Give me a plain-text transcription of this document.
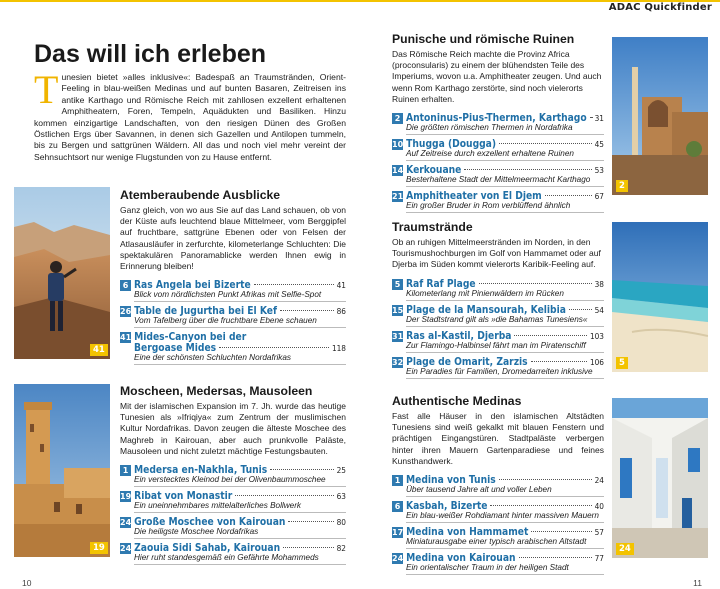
ADAC Quickfinder
Das will ich erleben
Tunesien bietet »alles inklusive«: Badespaß an Traumstränden, Orient-Feeling in blau-weißen Medinas und auf bunten Basaren, Zeitreisen ins antike Karthago und Römische Reich mit zahllosen exzellent erhaltenen Amphitheatern, Foren, Tempeln, Aquädukten und Basiliken. Hinzu kommen einzigartige Landschaften, von den riesigen Dünen des Großen Östlichen Ergs über Savannen, in denen sich Gazellen und Antilopen tummeln, bis zu Bergen und sattgrünen Wäldern. All das und noch viel mehr vereint der Sehnsuchtsort nur wenige Flugstunden von zu Hause entfernt.
41
Atemberaubende Ausblicke
Ganz gleich, von wo aus Sie auf das Land schauen, ob von der Küste aufs leuchtend blaue Mittelmeer, vom Berggipfel auf fruchtbare, sattgrüne Ebenen oder von Felsen der Atlasausläufer in zerfurchte, kilometerlange Schluchten: Die spektakulären Panoramablicke werden Ihnen ewig in Erinnerung bleiben!
6 Ras Angela bei Bizerte	41
Blick vom nördlichsten Punkt Afrikas mit Selfie-Spot
26 Table de Jugurtha bei El Kef	86
Vom Tafelberg über die fruchtbare Ebene schauen
41 Mides-Canyon bei der
Bergoase Mides	118
Eine der schönsten Schluchten Nordafrikas
19
Moscheen, Medersas, Mausoleen
Mit der islamischen Expansion im 7. Jh. wurde das heutige Tunesien als »Ifriqiya« zum Zentrum der muslimischen Kultur Nordafrikas. Davon zeugen die älteste Moschee des Maghreb in Kairouan, aber auch prunkvolle Paläste, Mausoleen und nicht zuletzt mächtige Festungsbauten.
1 Medersa en-Nakhla, Tunis	25
Ein verstecktes Kleinod bei der Olivenbaummoschee
19 Ribat von Monastir	63
Ein uneinnehmbares mittelalterliches Bollwerk
24 Große Moschee von Kairouan	80
Die heiligste Moschee Nordafrikas
24 Zaouia Sidi Sahab, Kairouan	82
Hier ruht standesgemäß ein Gefährte Mohammeds
Punische und römische Ruinen
Das Römische Reich machte die Provinz Africa (proconsularis) zu einem der blühendsten Teile des Imperiums, wovon u.a. Amphitheater zeugen. Und auch wenn Rom Karthago zerstörte, sind noch vielerorts Ruinen erhalten.
2 Antoninus-Pius-Thermen, Karthago 31
Die größten römischen Thermen in Nordafrika
10 Thugga (Dougga)	45
Auf Zeitreise durch exzellent erhaltene Ruinen
14 Kerkouane	53
Besterhaltene Stadt der Mittelmeermacht Karthago
21 Amphitheater von El Djem	67
Ein großer Bruder in Rom verblüffend ähnlich
2
Traumstrände
Ob an ruhigen Mittelmeerstränden im Norden, in den Tourismushochburgen im Golf von Hammamet oder auf Djerba im Süden kommt vielerorts Karibik-Feeling auf.
5 Raf Raf Plage	38
Kilometerlang mit Pinienwäldern im Rücken
15 Plage de la Mansourah, Kelibia	54
Der Stadtstrand gilt als »die Bahamas Tunesiens«
31 Ras al-Kastil, Djerba	103
Zur Flamingo-Halbinsel fährt man im Piratenschiff
32 Plage de Omarit, Zarzis	106
Ein Paradies für Familien, Dromedarreiten inklusive
5
Authentische Medinas
Fast alle Häuser in den islamischen Altstädten Tunesiens sind weiß gekalkt mit blauen Fenstern und prächtigen Eingangstüren. Stadtpaläste verbergen hinter ihren Mauern Gartenparadiese und feines Kunsthandwerk.
1 Medina von Tunis	24
Über tausend Jahre alt und voller Leben
6 Kasbah, Bizerte	40
Ein blau-weißer Rohdiamant hinter massiven Mauern
17 Medina von Hammamet	57
Miniaturausgabe einer typisch arabischen Altstadt
24 Medina von Kairouan	77
Ein orientalischer Traum in der heiligen Stadt
24
10	11
